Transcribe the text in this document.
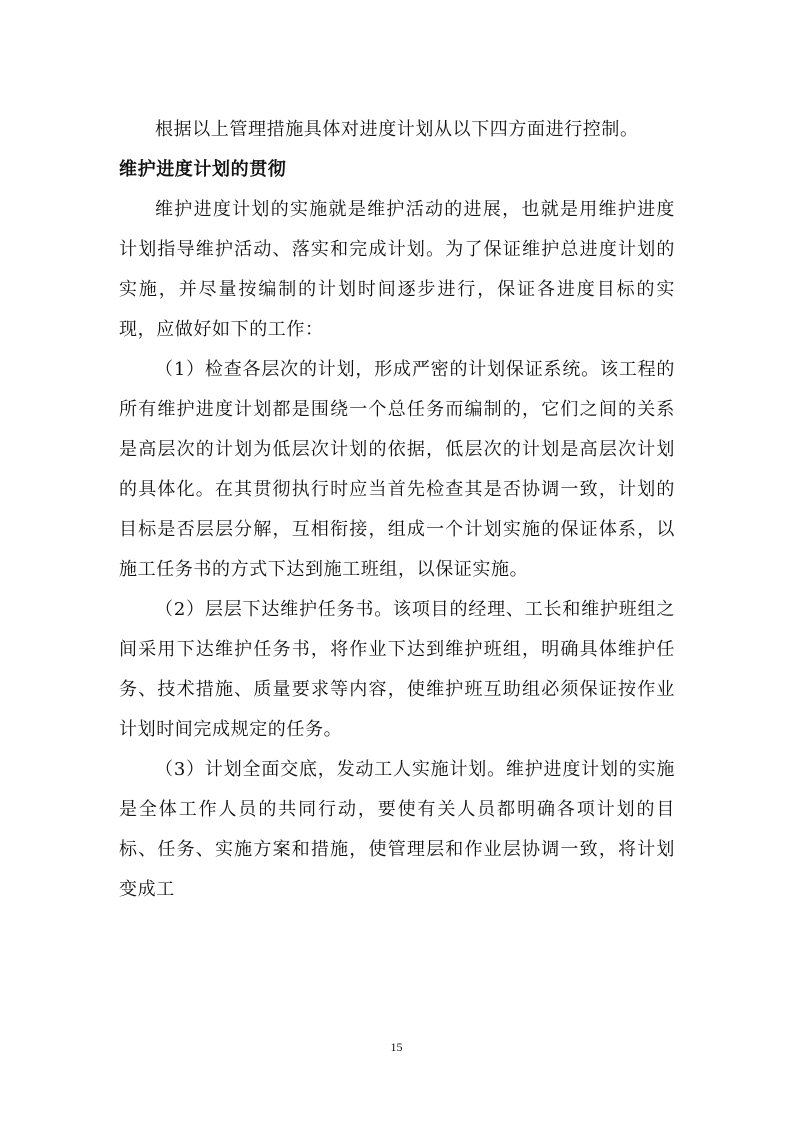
根据以上管理措施具体对进度计划从以下四方面进行控制。

维护进度计划的贯彻

维护进度计划的实施就是维护活动的进展，也就是用维护进度计划指导维护活动、落实和完成计划。为了保证维护总进度计划的实施，并尽量按编制的计划时间逐步进行，保证各进度目标的实现，应做好如下的工作：

（1）检查各层次的计划，形成严密的计划保证系统。该工程的所有维护进度计划都是围绕一个总任务而编制的，它们之间的关系是高层次的计划为低层次计划的依据，低层次的计划是高层次计划的具体化。在其贯彻执行时应当首先检查其是否协调一致，计划的目标是否层层分解，互相衔接，组成一个计划实施的保证体系，以施工任务书的方式下达到施工班组，以保证实施。

（2）层层下达维护任务书。该项目的经理、工长和维护班组之间采用下达维护任务书，将作业下达到维护班组，明确具体维护任务、技术措施、质量要求等内容，使维护班互助组必须保证按作业计划时间完成规定的任务。

（3）计划全面交底，发动工人实施计划。维护进度计划的实施是全体工作人员的共同行动，要使有关人员都明确各项计划的目标、任务、实施方案和措施，使管理层和作业层协调一致，将计划变成工

15
